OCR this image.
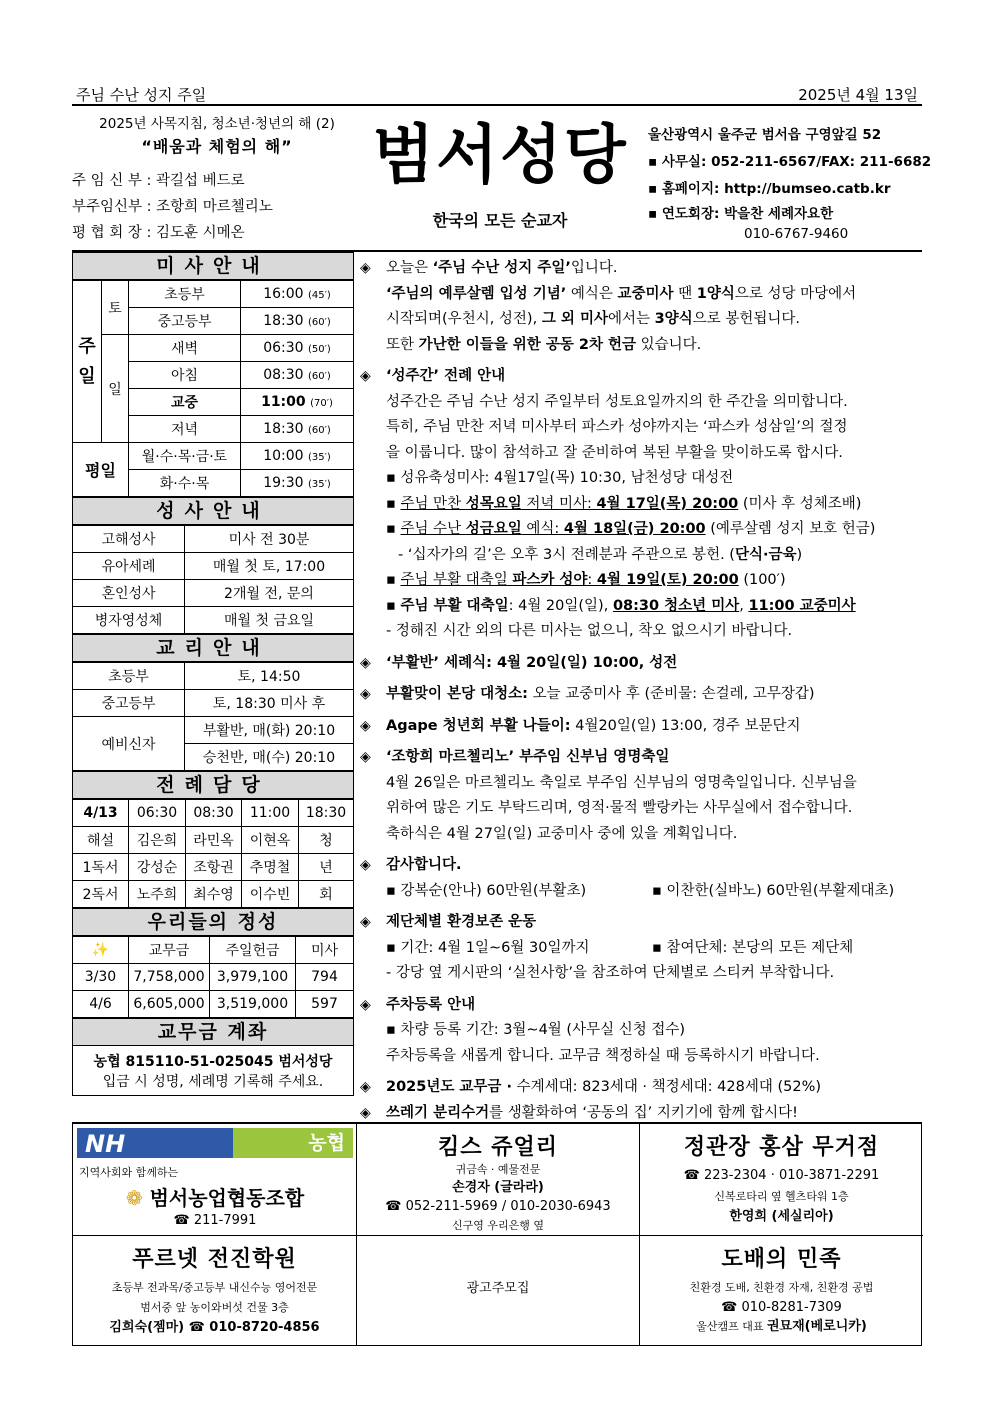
주님 수난 성지 주일	2025년 4월 13일
2025년 사목지침, 청소년·청년의 해 (2)
“배움과 체험의 해”
주 임 신 부 : 곽길섭 베드로
부주임신부 : 조항희 마르첼리노
평 협 회 장 : 김도훈 시메온
범서성당
한국의 모든 순교자
울산광역시 울주군 범서읍 구영앞길 52
▪ 사무실: 052-211-6567/FAX: 211-6682
▪ 홈페이지: http://bumseo.catb.kr
▪ 연도회장: 박을찬 세례자요한
010-6767-9460
미사안내
주일	토	초등부	16:00 (45′)
		중고등부	18:30 (60′)
	일	새벽	06:30 (50′)
		아침	08:30 (60′)
		교중	11:00 (70′)
		저녁	18:30 (60′)
평일		월·수·목·금·토	10:00 (35′)
		화·수·목	19:30 (35′)
성사안내
고해성사	미사 전 30분
유아세례	매월 첫 토, 17:00
혼인성사	2개월 전, 문의
병자영성체	매월 첫 금요일
교리안내
초등부	토, 14:50
중고등부	토, 18:30 미사 후
예비신자	부활반, 매(화) 20:10
	승천반, 매(수) 20:10
전례담당
4/13	06:30	08:30	11:00	18:30
해설	김은희	라민옥	이현옥	청
1독서	강성순	조항권	추명철	년
2독서	노주희	최수영	이수빈	회
우리들의 정성
✨	교무금	주일헌금	미사
3/30	7,758,000	3,979,100	794
4/6	6,605,000	3,519,000	597
교무금 계좌
농협 815110-51-025045 범서성당
입금 시 성명, 세례명 기록해 주세요.
◈ 오늘은 ‘주님 수난 성지 주일’입니다.
‘주님의 예루살렘 입성 기념’ 예식은 교중미사 땐 1양식으로 성당 마당에서
시작되며(우천시, 성전), 그 외 미사에서는 3양식으로 봉헌됩니다.
또한 가난한 이들을 위한 공동 2차 헌금 있습니다.
◈ ‘성주간’ 전례 안내
성주간은 주님 수난 성지 주일부터 성토요일까지의 한 주간을 의미합니다.
특히, 주님 만찬 저녁 미사부터 파스카 성야까지는 ‘파스카 성삼일’의 절정
을 이룹니다. 많이 참석하고 잘 준비하여 복된 부활을 맞이하도록 합시다.
▪ 성유축성미사: 4월17일(목) 10:30, 남천성당 대성전
▪ 주님 만찬 성목요일 저녁 미사: 4월 17일(목) 20:00 (미사 후 성체조배)
▪ 주님 수난 성금요일 예식: 4월 18일(금) 20:00 (예루살렘 성지 보호 헌금)
- ‘십자가의 길’은 오후 3시 전례분과 주관으로 봉헌. (단식·금육)
▪ 주님 부활 대축일 파스카 성야: 4월 19일(토) 20:00 (100′)
▪ 주님 부활 대축일: 4월 20일(일), 08:30 청소년 미사, 11:00 교중미사
- 정해진 시간 외의 다른 미사는 없으니, 착오 없으시기 바랍니다.
◈ ‘부활반’ 세례식: 4월 20일(일) 10:00, 성전
◈ 부활맞이 본당 대청소: 오늘 교중미사 후 (준비물: 손걸레, 고무장갑)
◈ Agape 청년회 부활 나들이: 4월20일(일) 13:00, 경주 보문단지
◈ ‘조항희 마르첼리노’ 부주임 신부님 영명축일
4월 26일은 마르첼리노 축일로 부주임 신부님의 영명축일입니다. 신부님을
위하여 많은 기도 부탁드리며, 영적·물적 빨랑카는 사무실에서 접수합니다.
축하식은 4월 27일(일) 교중미사 중에 있을 계획입니다.
◈ 감사합니다.
▪ 강복순(안나) 60만원(부활초)	▪ 이찬한(실바노) 60만원(부활제대초)
◈ 제단체별 환경보존 운동
▪ 기간: 4월 1일∼6월 30일까지	▪ 참여단체: 본당의 모든 제단체
- 강당 옆 게시판의 ‘실천사항’을 참조하여 단체별로 스티커 부착합니다.
◈ 주차등록 안내
▪ 차량 등록 기간: 3월∼4월 (사무실 신청 접수)
주차등록을 새롭게 합니다. 교무금 책정하실 때 등록하시기 바랍니다.
◈ 2025년도 교무금 · 수계세대: 823세대 · 책정세대: 428세대 (52%)
◈ 쓰레기 분리수거를 생활화하여 ‘공동의 집’ 지키기에 함께 합시다!
NH	농협
지역사회와 함께하는
❁ 범서농업협동조합
☎ 211-7991
킴스 쥬얼리
귀금속 · 예물전문
손경자 (글라라)
☎ 052-211-5969 / 010-2030-6943
신구영 우리은행 옆
정관장 홍삼 무거점
☎ 223-2304 · 010-3871-2291
신복로타리 옆 헬츠타워 1층
한영희 (세실리아)
푸르넷 전진학원
초등부 전과목/중고등부 내신수능 영어전문
범서중 앞 농이와버섯 건물 3층
김희숙(젬마) ☎ 010-8720-4856
광고주모집
도배의 민족
친환경 도배, 친환경 자재, 친환경 공법
☎ 010-8281-7309
울산캠프 대표 권묘재(베로니카)
